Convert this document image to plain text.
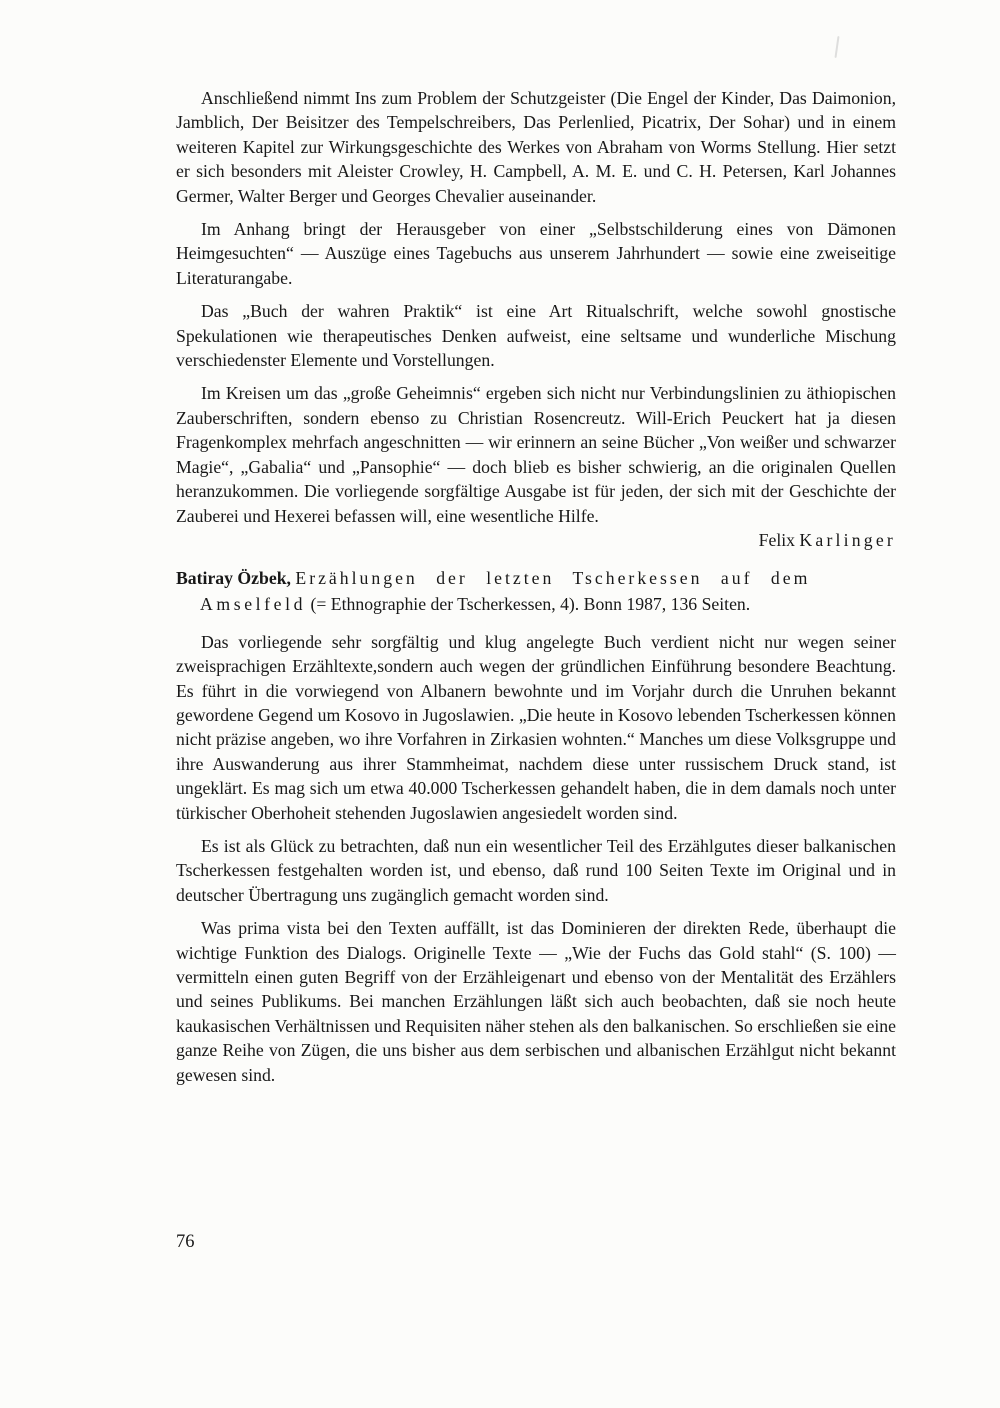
Anschließend nimmt Ins zum Problem der Schutzgeister (Die Engel der Kinder, Das Daimonion, Jamblich, Der Beisitzer des Tempelschreibers, Das Perlenlied, Picatrix, Der Sohar) und in einem weiteren Kapitel zur Wirkungsgeschichte des Werkes von Abraham von Worms Stellung. Hier setzt er sich besonders mit Aleister Crowley, H. Campbell, A. M. E. und C. H. Petersen, Karl Johannes Germer, Walter Berger und Georges Chevalier auseinander.

Im Anhang bringt der Herausgeber von einer „Selbstschilderung eines von Dämonen Heimgesuchten“ — Auszüge eines Tagebuchs aus unserem Jahrhundert — sowie eine zweiseitige Literaturangabe.

Das „Buch der wahren Praktik“ ist eine Art Ritualschrift, welche sowohl gnostische Spekulationen wie therapeutisches Denken aufweist, eine seltsame und wunderliche Mischung verschiedenster Elemente und Vorstellungen.

Im Kreisen um das „große Geheimnis“ ergeben sich nicht nur Verbindungslinien zu äthiopischen Zauberschriften, sondern ebenso zu Christian Rosencreutz. Will-Erich Peuckert hat ja diesen Fragenkomplex mehrfach angeschnitten — wir erinnern an seine Bücher „Von weißer und schwarzer Magie“, „Gabalia“ und „Pansophie“ — doch blieb es bisher schwierig, an die originalen Quellen heranzukommen. Die vorliegende sorgfältige Ausgabe ist für jeden, der sich mit der Geschichte der Zauberei und Hexerei befassen will, eine wesentliche Hilfe.

Felix Karlinger

Batiray Özbek, Erzählungen der letzten Tscherkessen auf dem
Amselfeld (= Ethnographie der Tscherkessen, 4). Bonn 1987, 136 Seiten.

Das vorliegende sehr sorgfältig und klug angelegte Buch verdient nicht nur wegen seiner zweisprachigen Erzähltexte,sondern auch wegen der gründlichen Einführung besondere Beachtung. Es führt in die vorwiegend von Albanern bewohnte und im Vorjahr durch die Unruhen bekannt gewordene Gegend um Kosovo in Jugoslawien. „Die heute in Kosovo lebenden Tscherkessen können nicht präzise angeben, wo ihre Vorfahren in Zirkasien wohnten.“ Manches um diese Volksgruppe und ihre Auswanderung aus ihrer Stammheimat, nachdem diese unter russischem Druck stand, ist ungeklärt. Es mag sich um etwa 40.000 Tscherkessen gehandelt haben, die in dem damals noch unter türkischer Oberhoheit stehenden Jugoslawien angesiedelt worden sind.

Es ist als Glück zu betrachten, daß nun ein wesentlicher Teil des Erzählgutes dieser balkanischen Tscherkessen festgehalten worden ist, und ebenso, daß rund 100 Seiten Texte im Original und in deutscher Übertragung uns zugänglich gemacht worden sind.

Was prima vista bei den Texten auffällt, ist das Dominieren der direkten Rede, überhaupt die wichtige Funktion des Dialogs. Originelle Texte — „Wie der Fuchs das Gold stahl“ (S. 100) — vermitteln einen guten Begriff von der Erzähleigenart und ebenso von der Mentalität des Erzählers und seines Publikums. Bei manchen Erzählungen läßt sich auch beobachten, daß sie noch heute kaukasischen Verhältnissen und Requisiten näher stehen als den balkanischen. So erschließen sie eine ganze Reihe von Zügen, die uns bisher aus dem serbischen und albanischen Erzählgut nicht bekannt gewesen sind.

76
